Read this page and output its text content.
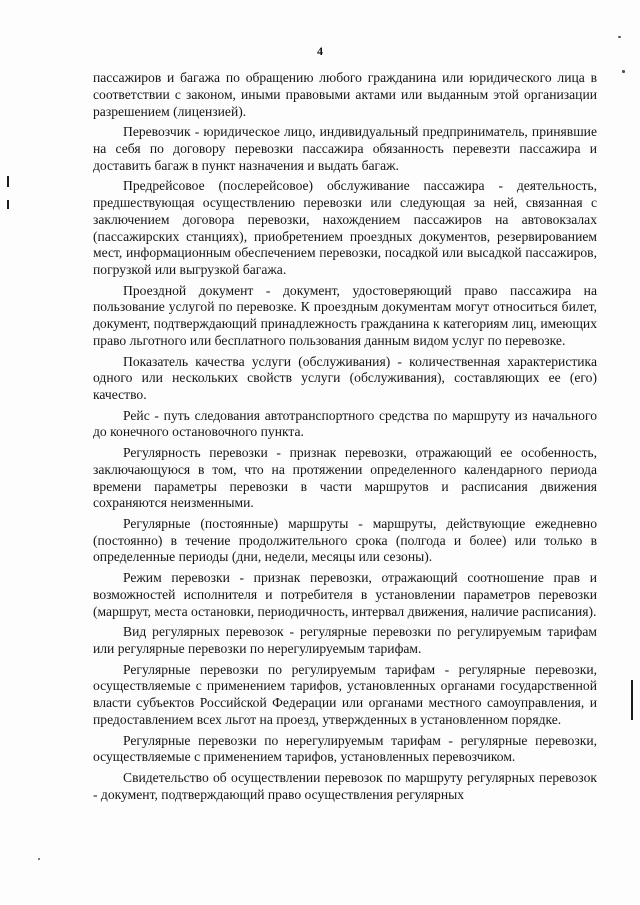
4

пассажиров и багажа по обращению любого гражданина или юридического лица в соответствии с законом, иными правовыми актами или выданным этой организации разрешением (лицензией).

Перевозчик - юридическое лицо, индивидуальный предприниматель, принявшие на себя по договору перевозки пассажира обязанность перевезти пассажира и доставить багаж в пункт назначения и выдать багаж.

Предрейсовое (послерейсовое) обслуживание пассажира - деятельность, предшествующая осуществлению перевозки или следующая за ней, связанная с заключением договора перевозки, нахождением пассажиров на автовокзалах (пассажирских станциях), приобретением проездных документов, резервированием мест, информационным обеспечением перевозки, посадкой или высадкой пассажиров, погрузкой или выгрузкой багажа.

Проездной документ - документ, удостоверяющий право пассажира на пользование услугой по перевозке. К проездным документам могут относиться билет, документ, подтверждающий принадлежность гражданина к категориям лиц, имеющих право льготного или бесплатного пользования данным видом услуг по перевозке.

Показатель качества услуги (обслуживания) - количественная характеристика одного или нескольких свойств услуги (обслуживания), составляющих ее (его) качество.

Рейс - путь следования автотранспортного средства по маршруту из начального до конечного остановочного пункта.

Регулярность перевозки - признак перевозки, отражающий ее особенность, заключающуюся в том, что на протяжении определенного календарного периода времени параметры перевозки в части маршрутов и расписания движения сохраняются неизменными.

Регулярные (постоянные) маршруты - маршруты, действующие ежедневно (постоянно) в течение продолжительного срока (полгода и более) или только в определенные периоды (дни, недели, месяцы или сезоны).

Режим перевозки - признак перевозки, отражающий соотношение прав и возможностей исполнителя и потребителя в установлении параметров перевозки (маршрут, места остановки, периодичность, интервал движения, наличие расписания).

Вид регулярных перевозок - регулярные перевозки по регулируемым тарифам или регулярные перевозки по нерегулируемым тарифам.

Регулярные перевозки по регулируемым тарифам - регулярные перевозки, осуществляемые с применением тарифов, установленных органами государственной власти субъектов Российской Федерации или органами местного самоуправления, и предоставлением всех льгот на проезд, утвержденных в установленном порядке.

Регулярные перевозки по нерегулируемым тарифам - регулярные перевозки, осуществляемые с применением тарифов, установленных перевозчиком.

Свидетельство об осуществлении перевозок по маршруту регулярных перевозок - документ, подтверждающий право осуществления регулярных
